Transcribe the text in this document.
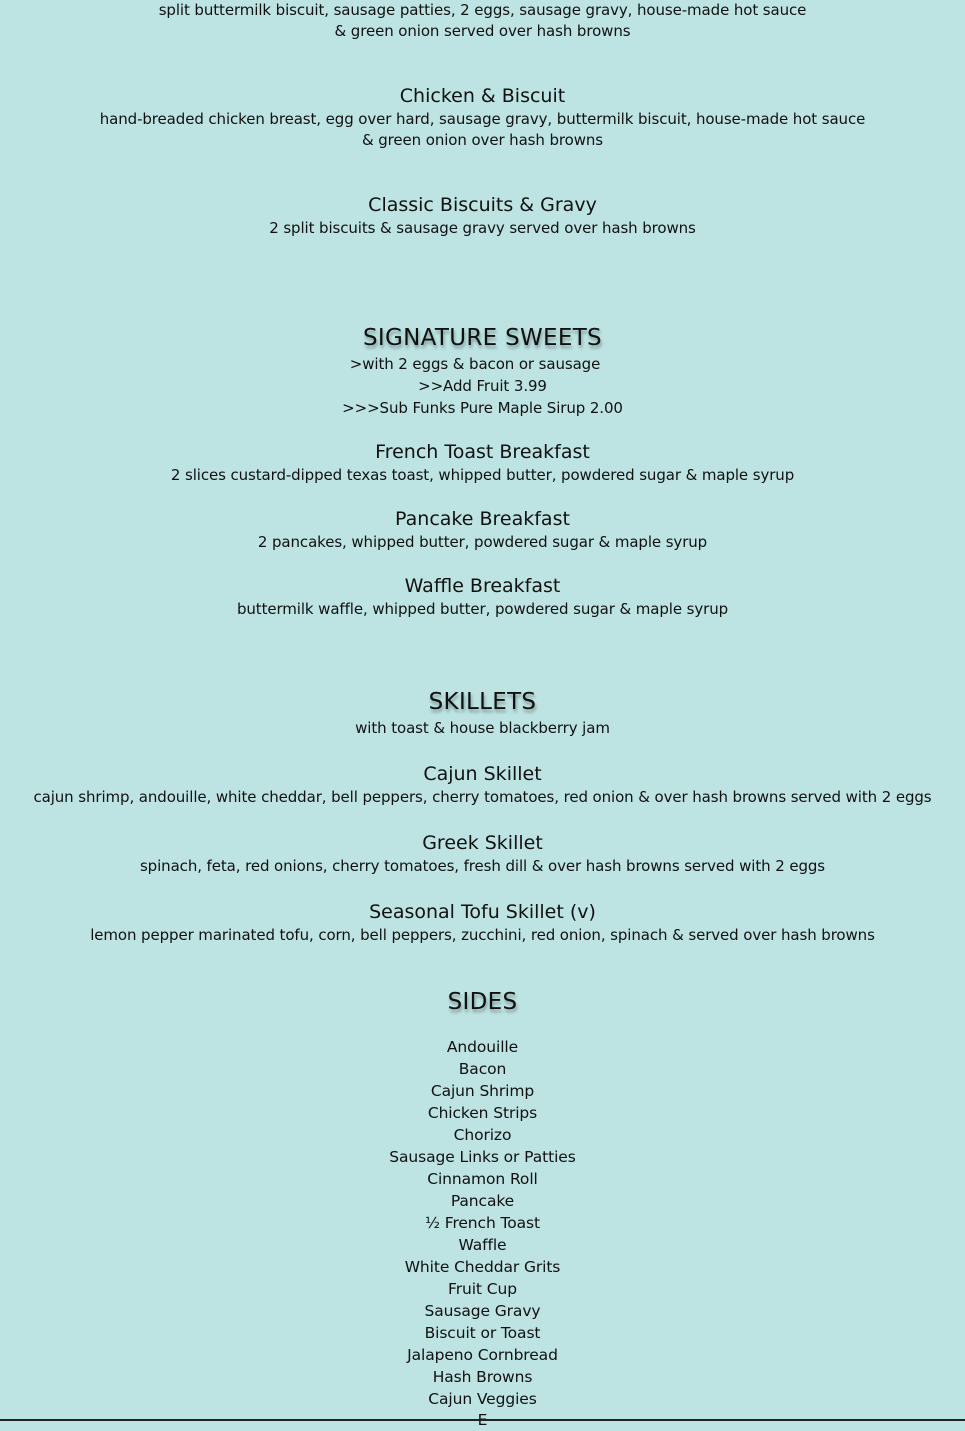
split buttermilk biscuit, sausage patties, 2 eggs, sausage gravy, house-made hot sauce
& green onion served over hash browns
Chicken & Biscuit
hand-breaded chicken breast, egg over hard, sausage gravy, buttermilk biscuit, house-made hot sauce
& green onion over hash browns
Classic Biscuits & Gravy
2 split biscuits & sausage gravy served over hash browns
SIGNATURE SWEETS
>with 2 eggs & bacon or sausage
>>Add Fruit 3.99
>>>Sub Funks Pure Maple Sirup 2.00
French Toast Breakfast
2 slices custard-dipped texas toast, whipped butter, powdered sugar & maple syrup
Pancake Breakfast
2 pancakes, whipped butter, powdered sugar & maple syrup
Waffle Breakfast
buttermilk waffle, whipped butter, powdered sugar & maple syrup
SKILLETS
with toast & house blackberry jam
Cajun Skillet
cajun shrimp, andouille, white cheddar, bell peppers, cherry tomatoes, red onion & over hash browns served with 2 eggs
Greek Skillet
spinach, feta, red onions, cherry tomatoes, fresh dill & over hash browns served with 2 eggs
Seasonal Tofu Skillet (v)
lemon pepper marinated tofu, corn, bell peppers, zucchini, red onion, spinach & served over hash browns
SIDES
Andouille
Bacon
Cajun Shrimp
Chicken Strips
Chorizo
Sausage Links or Patties
Cinnamon Roll
Pancake
½ French Toast
Waffle
White Cheddar Grits
Fruit Cup
Sausage Gravy
Biscuit or Toast
Jalapeno Cornbread
Hash Browns
Cajun Veggies
